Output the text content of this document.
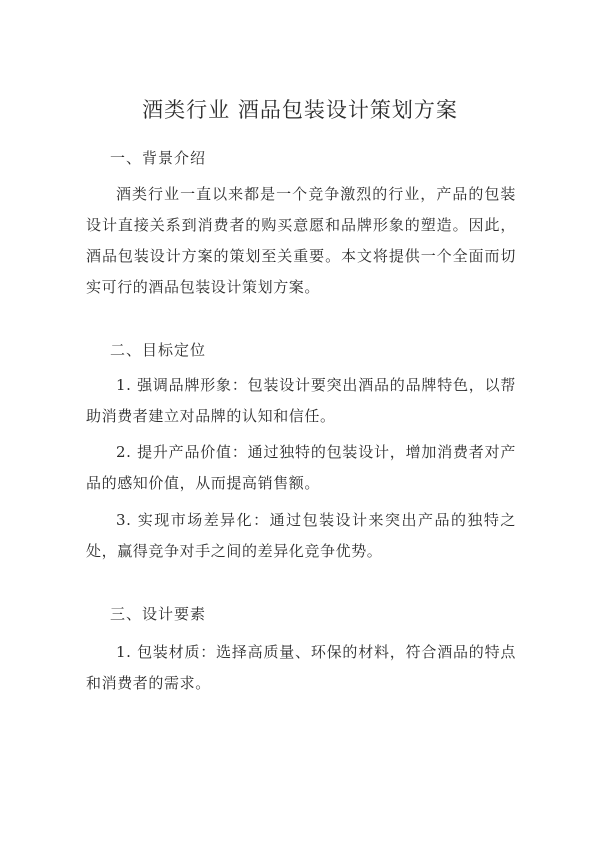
酒类行业 酒品包装设计策划方案
一、背景介绍

酒类行业一直以来都是一个竞争激烈的行业，产品的包装设计直接关系到消费者的购买意愿和品牌形象的塑造。因此，酒品包装设计方案的策划至关重要。本文将提供一个全面而切实可行的酒品包装设计策划方案。

二、目标定位

1. 强调品牌形象：包装设计要突出酒品的品牌特色，以帮助消费者建立对品牌的认知和信任。

2. 提升产品价值：通过独特的包装设计，增加消费者对产品的感知价值，从而提高销售额。

3. 实现市场差异化：通过包装设计来突出产品的独特之处，赢得竞争对手之间的差异化竞争优势。

三、设计要素

1. 包装材质：选择高质量、环保的材料，符合酒品的特点和消费者的需求。
